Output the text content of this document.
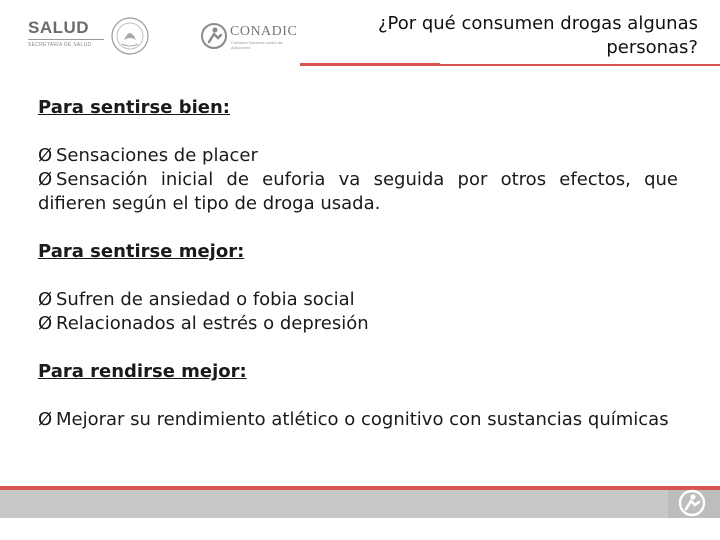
SALUD
SECRETARÍA DE SALUD
CONADIC
Comisión Nacional contra las Adicciones
¿Por qué consumen drogas algunas personas?

Para sentirse bien:

Ø Sensaciones de placer

Ø Sensación inicial de euforia va seguida por otros efectos, que difieren según el tipo de droga usada.

Para sentirse mejor:

Ø Sufren de ansiedad o fobia social

Ø Relacionados al estrés o depresión

Para rendirse mejor:

Ø Mejorar su rendimiento atlético o cognitivo con sustancias químicas
